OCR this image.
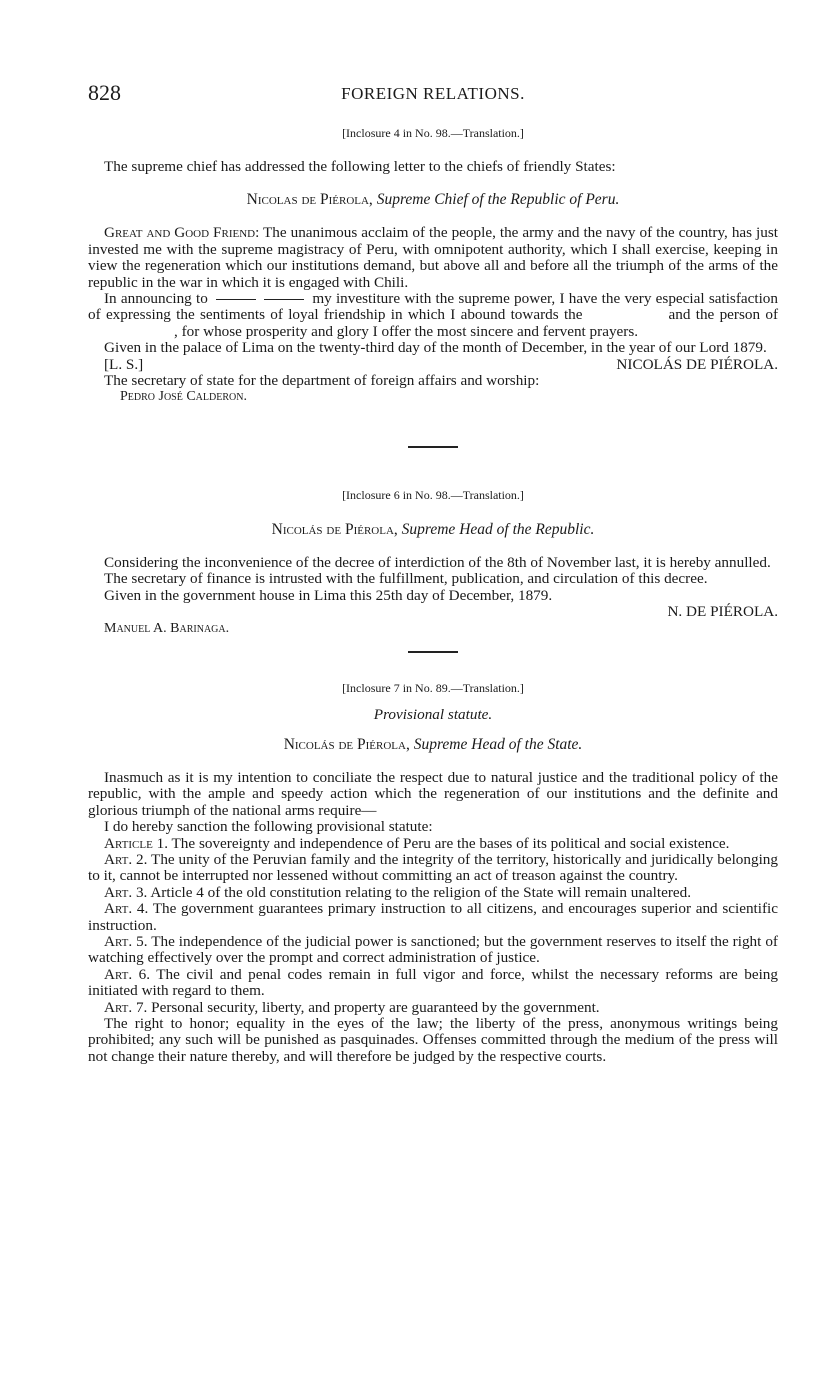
828	FOREIGN RELATIONS.
[Inclosure 4 in No. 98.—Translation.]

The supreme chief has addressed the following letter to the chiefs of friendly States:

Nicolas de Piérola, Supreme Chief of the Republic of Peru.

Great and Good Friend: The unanimous acclaim of the people, the army and the navy of the country, has just invested me with the supreme magistracy of Peru, with omnipotent authority, which I shall exercise, keeping in view the regeneration which our institutions demand, but above all and before all the triumph of the arms of the republic in the war in which it is engaged with Chili.

In announcing to	my investiture with the supreme power, I have the very especial satisfaction of expressing the sentiments of loyal friendship in which I abound towards the	and the person of, for whose prosperity and glory I offer the most sincere and fervent prayers.

Given in the palace of Lima on the twenty-third day of the month of December, in the year of our Lord 1879.

[L. S.]	NICOLÁS DE PIÉROLA.

The secretary of state for the department of foreign affairs and worship:

Pedro José Calderon.
[Inclosure 6 in No. 98.—Translation.]
Nicolás de Piérola, Supreme Head of the Republic.

Considering the inconvenience of the decree of interdiction of the 8th of November last, it is hereby annulled.

The secretary of finance is intrusted with the fulfillment, publication, and circulation of this decree.

Given in the government house in Lima this 25th day of December, 1879.

N. DE PIÉROLA.
Manuel A. Barinaga.
[Inclosure 7 in No. 89.—Translation.]
Provisional statute.
Nicolás de Piérola, Supreme Head of the State.

Inasmuch as it is my intention to conciliate the respect due to natural justice and the traditional policy of the republic, with the ample and speedy action which the regeneration of our institutions and the definite and glorious triumph of the national arms require—

I do hereby sanction the following provisional statute:

Article 1. The sovereignty and independence of Peru are the bases of its political and social existence.

Art. 2. The unity of the Peruvian family and the integrity of the territory, historically and juridically belonging to it, cannot be interrupted nor lessened without committing an act of treason against the country.

Art. 3. Article 4 of the old constitution relating to the religion of the State will remain unaltered.

Art. 4. The government guarantees primary instruction to all citizens, and encourages superior and scientific instruction.

Art. 5. The independence of the judicial power is sanctioned; but the government reserves to itself the right of watching effectively over the prompt and correct administration of justice.

Art. 6. The civil and penal codes remain in full vigor and force, whilst the necessary reforms are being initiated with regard to them.

Art. 7. Personal security, liberty, and property are guaranteed by the government.

The right to honor; equality in the eyes of the law; the liberty of the press, anonymous writings being prohibited; any such will be punished as pasquinades. Offenses committed through the medium of the press will not change their nature thereby, and will therefore be judged by the respective courts.
